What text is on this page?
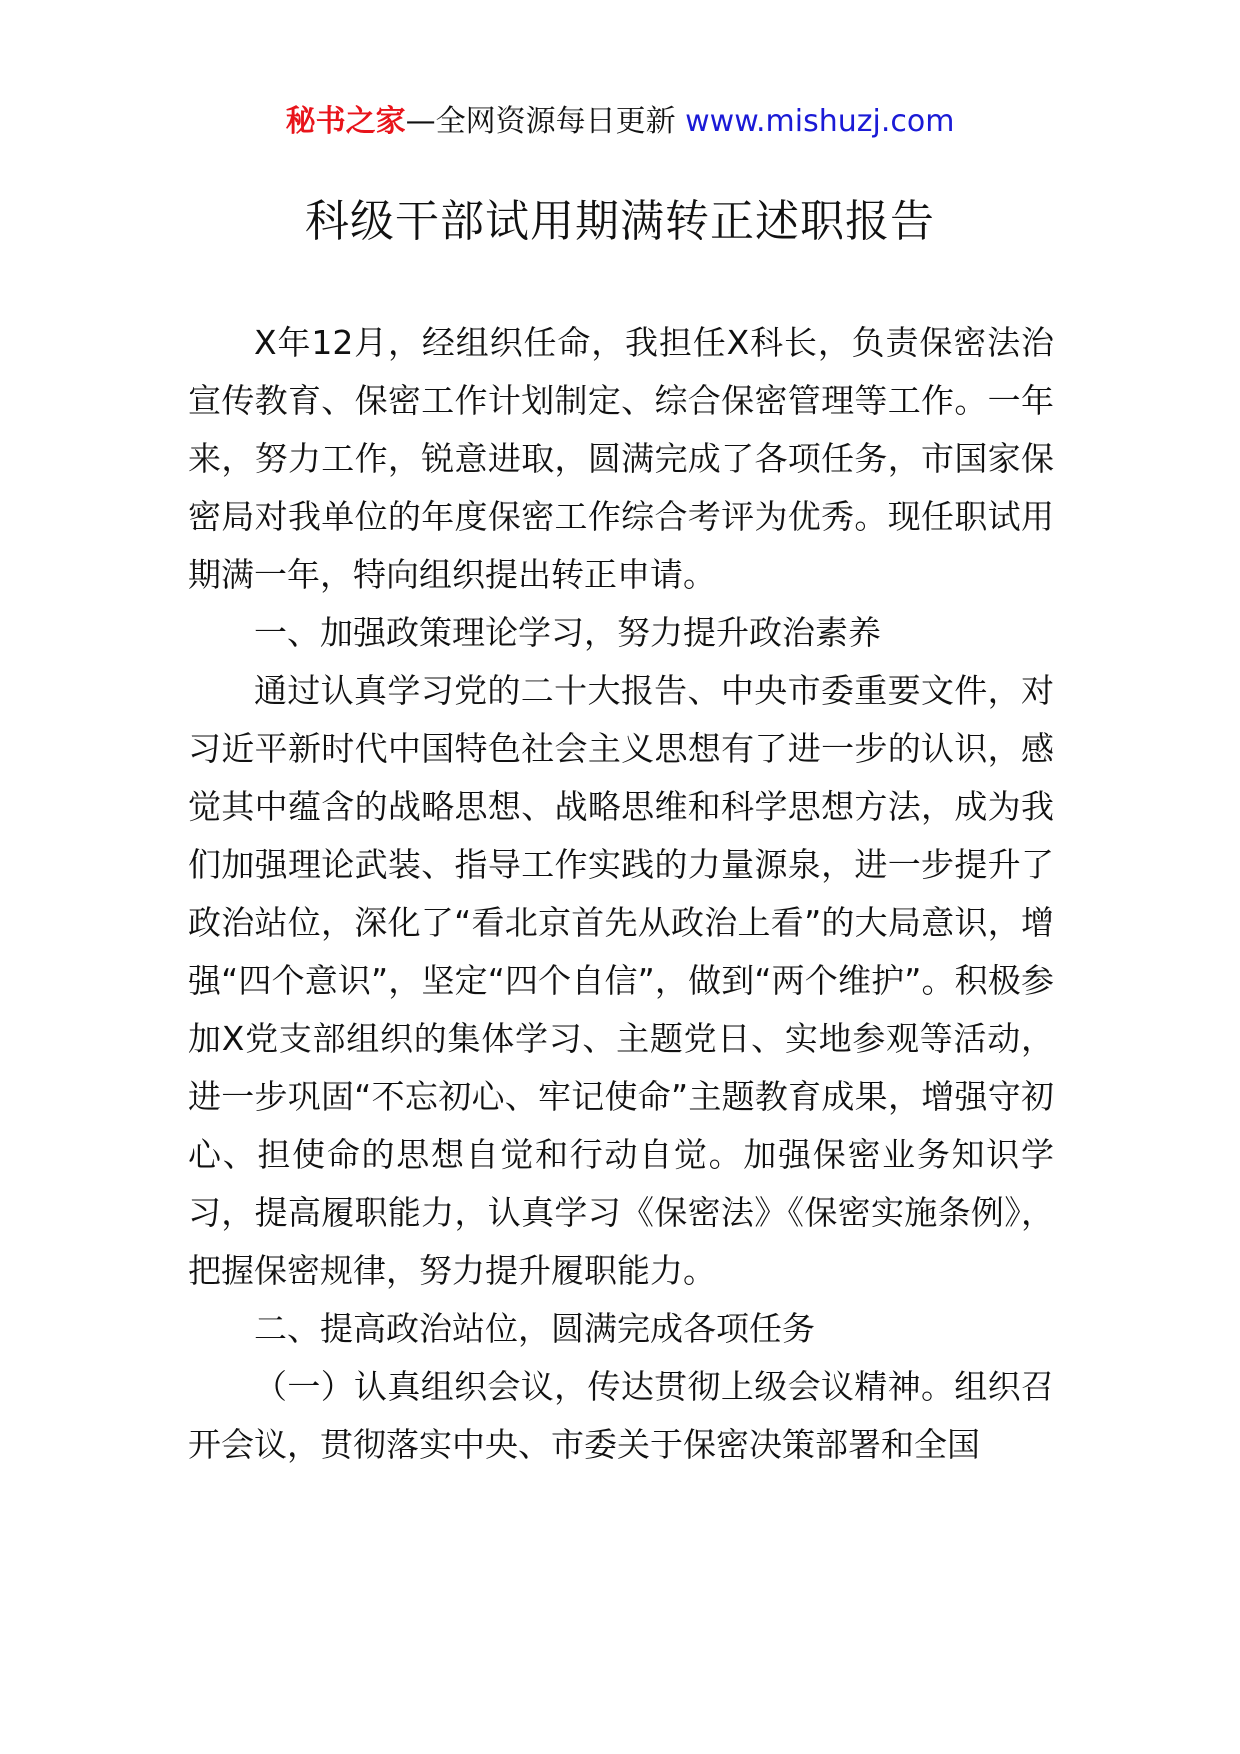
秘书之家—全网资源每日更新 www.mishuzj.com
科级干部试用期满转正述职报告

X年12月，经组织任命，我担任X科长，负责保密法治宣传教育、保密工作计划制定、综合保密管理等工作。一年来，努力工作，锐意进取，圆满完成了各项任务，市国家保密局对我单位的年度保密工作综合考评为优秀。现任职试用期满一年，特向组织提出转正申请。

一、加强政策理论学习，努力提升政治素养

通过认真学习党的二十大报告、中央市委重要文件，对习近平新时代中国特色社会主义思想有了进一步的认识，感觉其中蕴含的战略思想、战略思维和科学思想方法，成为我们加强理论武装、指导工作实践的力量源泉，进一步提升了政治站位，深化了“看北京首先从政治上看”的大局意识，增强“四个意识”，坚定“四个自信”，做到“两个维护”。积极参加X党支部组织的集体学习、主题党日、实地参观等活动，进一步巩固“不忘初心、牢记使命”主题教育成果，增强守初心、担使命的思想自觉和行动自觉。加强保密业务知识学习，提高履职能力，认真学习《保密法》《保密实施条例》，把握保密规律，努力提升履职能力。

二、提高政治站位，圆满完成各项任务

（一）认真组织会议，传达贯彻上级会议精神。组织召开会议，贯彻落实中央、市委关于保密决策部署和全国
